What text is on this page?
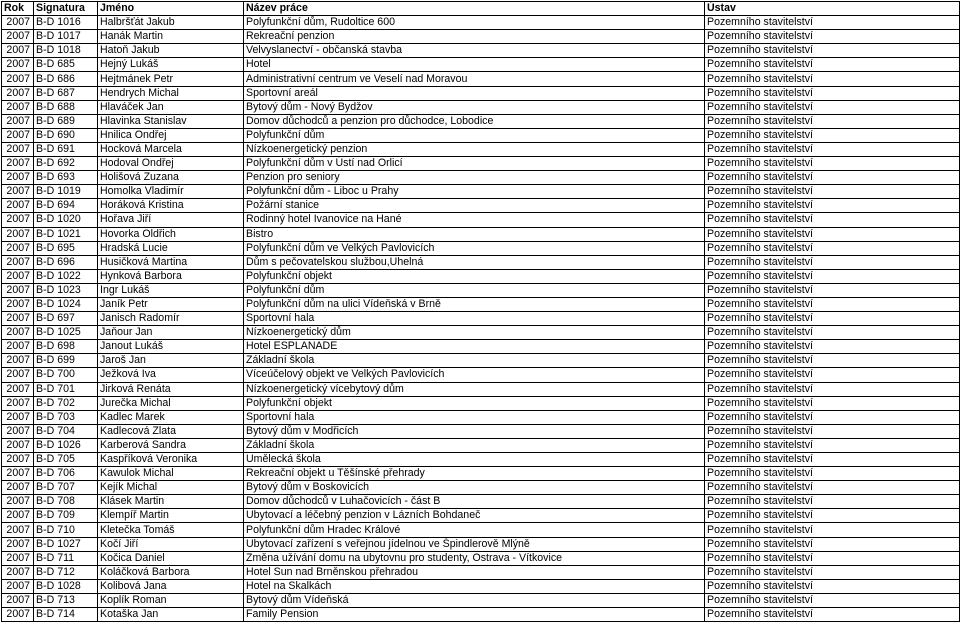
Rok	Signatura	Jméno	Název práce	Ústav
2007	B-D 1016	Halbršťát Jakub	Polyfunkční dům, Rudoltice 600	Pozemního stavitelství
2007	B-D 1017	Hanák Martin	Rekreační penzion	Pozemního stavitelství
2007	B-D 1018	Hatoň Jakub	Velvyslanectví - občanská stavba	Pozemního stavitelství
2007	B-D 685	Hejný Lukáš	Hotel	Pozemního stavitelství
2007	B-D 686	Hejtmánek Petr	Administrativní centrum ve Veselí nad Moravou	Pozemního stavitelství
2007	B-D 687	Hendrych Michal	Sportovní areál	Pozemního stavitelství
2007	B-D 688	Hlaváček Jan	Bytový dům - Nový Bydžov	Pozemního stavitelství
2007	B-D 689	Hlavinka Stanislav	Domov důchodců a penzion pro důchodce, Lobodice	Pozemního stavitelství
2007	B-D 690	Hnilica Ondřej	Polyfunkční dům	Pozemního stavitelství
2007	B-D 691	Hocková Marcela	Nízkoenergetický penzion	Pozemního stavitelství
2007	B-D 692	Hodoval Ondřej	Polyfunkční dům v Ústí nad Orlicí	Pozemního stavitelství
2007	B-D 693	Holišová Zuzana	Penzion pro seniory	Pozemního stavitelství
2007	B-D 1019	Homolka Vladimír	Polyfunkční dům - Liboc u Prahy	Pozemního stavitelství
2007	B-D 694	Horáková Kristina	Požární stanice	Pozemního stavitelství
2007	B-D 1020	Hořava Jiří	Rodinný hotel Ivanovice na Hané	Pozemního stavitelství
2007	B-D 1021	Hovorka Oldřich	Bistro	Pozemního stavitelství
2007	B-D 695	Hradská Lucie	Polyfunkční dům ve Velkých Pavlovicích	Pozemního stavitelství
2007	B-D 696	Husičková Martina	Dům s pečovatelskou službou,Uhelná	Pozemního stavitelství
2007	B-D 1022	Hynková Barbora	Polyfunkční objekt	Pozemního stavitelství
2007	B-D 1023	Ingr Lukáš	Polyfunkční dům	Pozemního stavitelství
2007	B-D 1024	Janík Petr	Polyfunkční dům na ulici Vídeňská v Brně	Pozemního stavitelství
2007	B-D 697	Janisch Radomír	Sportovní hala	Pozemního stavitelství
2007	B-D 1025	Jaňour Jan	Nízkoenergetický dům	Pozemního stavitelství
2007	B-D 698	Janout Lukáš	Hotel ESPLANADE	Pozemního stavitelství
2007	B-D 699	Jaroš Jan	Základní škola	Pozemního stavitelství
2007	B-D 700	Ježková Iva	Víceúčelový objekt ve Velkých Pavlovicích	Pozemního stavitelství
2007	B-D 701	Jirková Renáta	Nízkoenergetický vícebytový dům	Pozemního stavitelství
2007	B-D 702	Jurečka Michal	Polyfunkční objekt	Pozemního stavitelství
2007	B-D 703	Kadlec Marek	Sportovní hala	Pozemního stavitelství
2007	B-D 704	Kadlecová Zlata	Bytový dům v Modřicích	Pozemního stavitelství
2007	B-D 1026	Karberová Sandra	Základní škola	Pozemního stavitelství
2007	B-D 705	Kaspříková Veronika	Umělecká škola	Pozemního stavitelství
2007	B-D 706	Kawulok Michal	Rekreační objekt u Těšínské přehrady	Pozemního stavitelství
2007	B-D 707	Kejík Michal	Bytový dům v Boskovicích	Pozemního stavitelství
2007	B-D 708	Klásek Martin	Domov důchodců v Luhačovicích - část B	Pozemního stavitelství
2007	B-D 709	Klempíř Martin	Ubytovací a léčebný penzion v Lázních Bohdaneč	Pozemního stavitelství
2007	B-D 710	Kletečka Tomáš	Polyfunkční dům Hradec Králové	Pozemního stavitelství
2007	B-D 1027	Kočí Jiří	Ubytovací zařízení s veřejnou jídelnou ve Špindlerově Mlýně	Pozemního stavitelství
2007	B-D 711	Kočica Daniel	Změna užívání domu na ubytovnu pro studenty, Ostrava - Vítkovice	Pozemního stavitelství
2007	B-D 712	Koláčková Barbora	Hotel Sun nad Brněnskou přehradou	Pozemního stavitelství
2007	B-D 1028	Kolibová Jana	Hotel na Skalkách	Pozemního stavitelství
2007	B-D 713	Koplík Roman	Bytový dům Vídeňská	Pozemního stavitelství
2007	B-D 714	Kotaška Jan	Family Pension	Pozemního stavitelství
